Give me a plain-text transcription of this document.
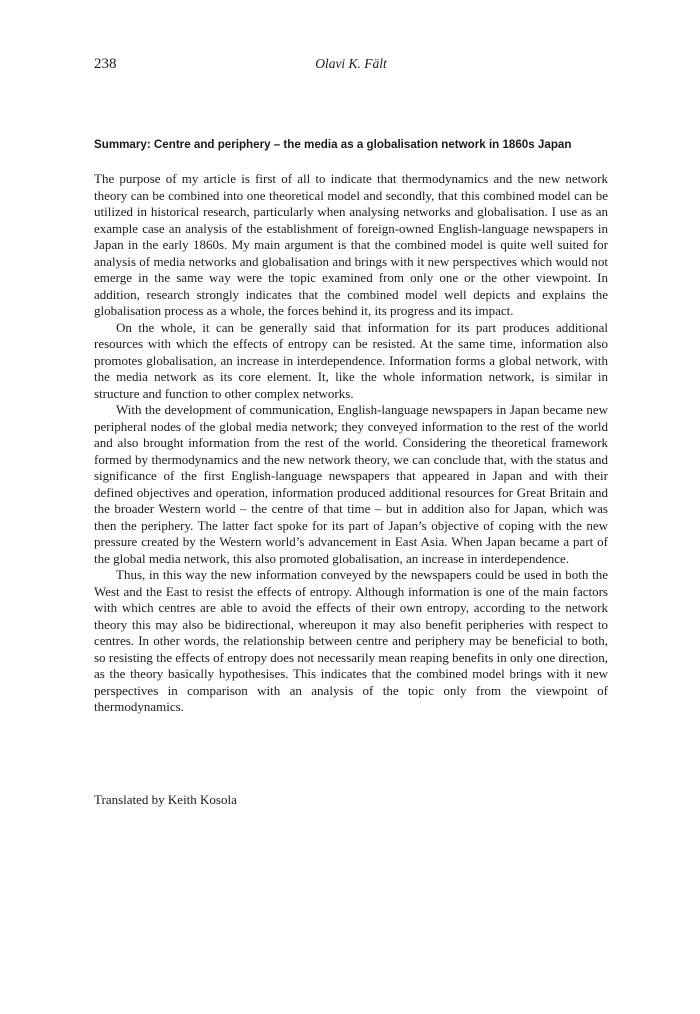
238	Olavi K. Fält
Summary: Centre and periphery – the media as a globalisation network in 1860s Japan

The purpose of my article is first of all to indicate that thermodynamics and the new network theory can be combined into one theoretical model and secondly, that this combined model can be utilized in historical research, particularly when analysing networks and globalisation. I use as an example case an analysis of the establishment of foreign-owned English-language newspapers in Japan in the early 1860s. My main argument is that the combined model is quite well suited for analysis of media networks and globalisation and brings with it new perspectives which would not emerge in the same way were the topic examined from only one or the other viewpoint. In addition, research strongly indicates that the combined model well depicts and explains the globalisation process as a whole, the forces behind it, its progress and its impact.

On the whole, it can be generally said that information for its part produces additional resources with which the effects of entropy can be resisted. At the same time, information also promotes globalisation, an increase in interdependence. Information forms a global network, with the media network as its core element. It, like the whole information network, is similar in structure and function to other complex networks.

With the development of communication, English-language newspapers in Japan became new peripheral nodes of the global media network; they conveyed information to the rest of the world and also brought information from the rest of the world. Considering the theoretical framework formed by thermodynamics and the new network theory, we can conclude that, with the status and significance of the first English-language newspapers that appeared in Japan and with their defined objectives and operation, information produced additional resources for Great Britain and the broader Western world – the centre of that time – but in addition also for Japan, which was then the periphery. The latter fact spoke for its part of Japan’s objective of coping with the new pressure created by the Western world’s advancement in East Asia. When Japan became a part of the global media network, this also promoted globalisation, an increase in interdependence.

Thus, in this way the new information conveyed by the newspapers could be used in both the West and the East to resist the effects of entropy. Although information is one of the main factors with which centres are able to avoid the effects of their own entropy, according to the network theory this may also be bidirectional, whereupon it may also benefit peripheries with respect to centres. In other words, the relationship between centre and periphery may be beneficial to both, so resisting the effects of entropy does not necessarily mean reaping benefits in only one direction, as the theory basically hypothesises. This indicates that the combined model brings with it new perspectives in comparison with an analysis of the topic only from the viewpoint of thermodynamics.

Translated by Keith Kosola
